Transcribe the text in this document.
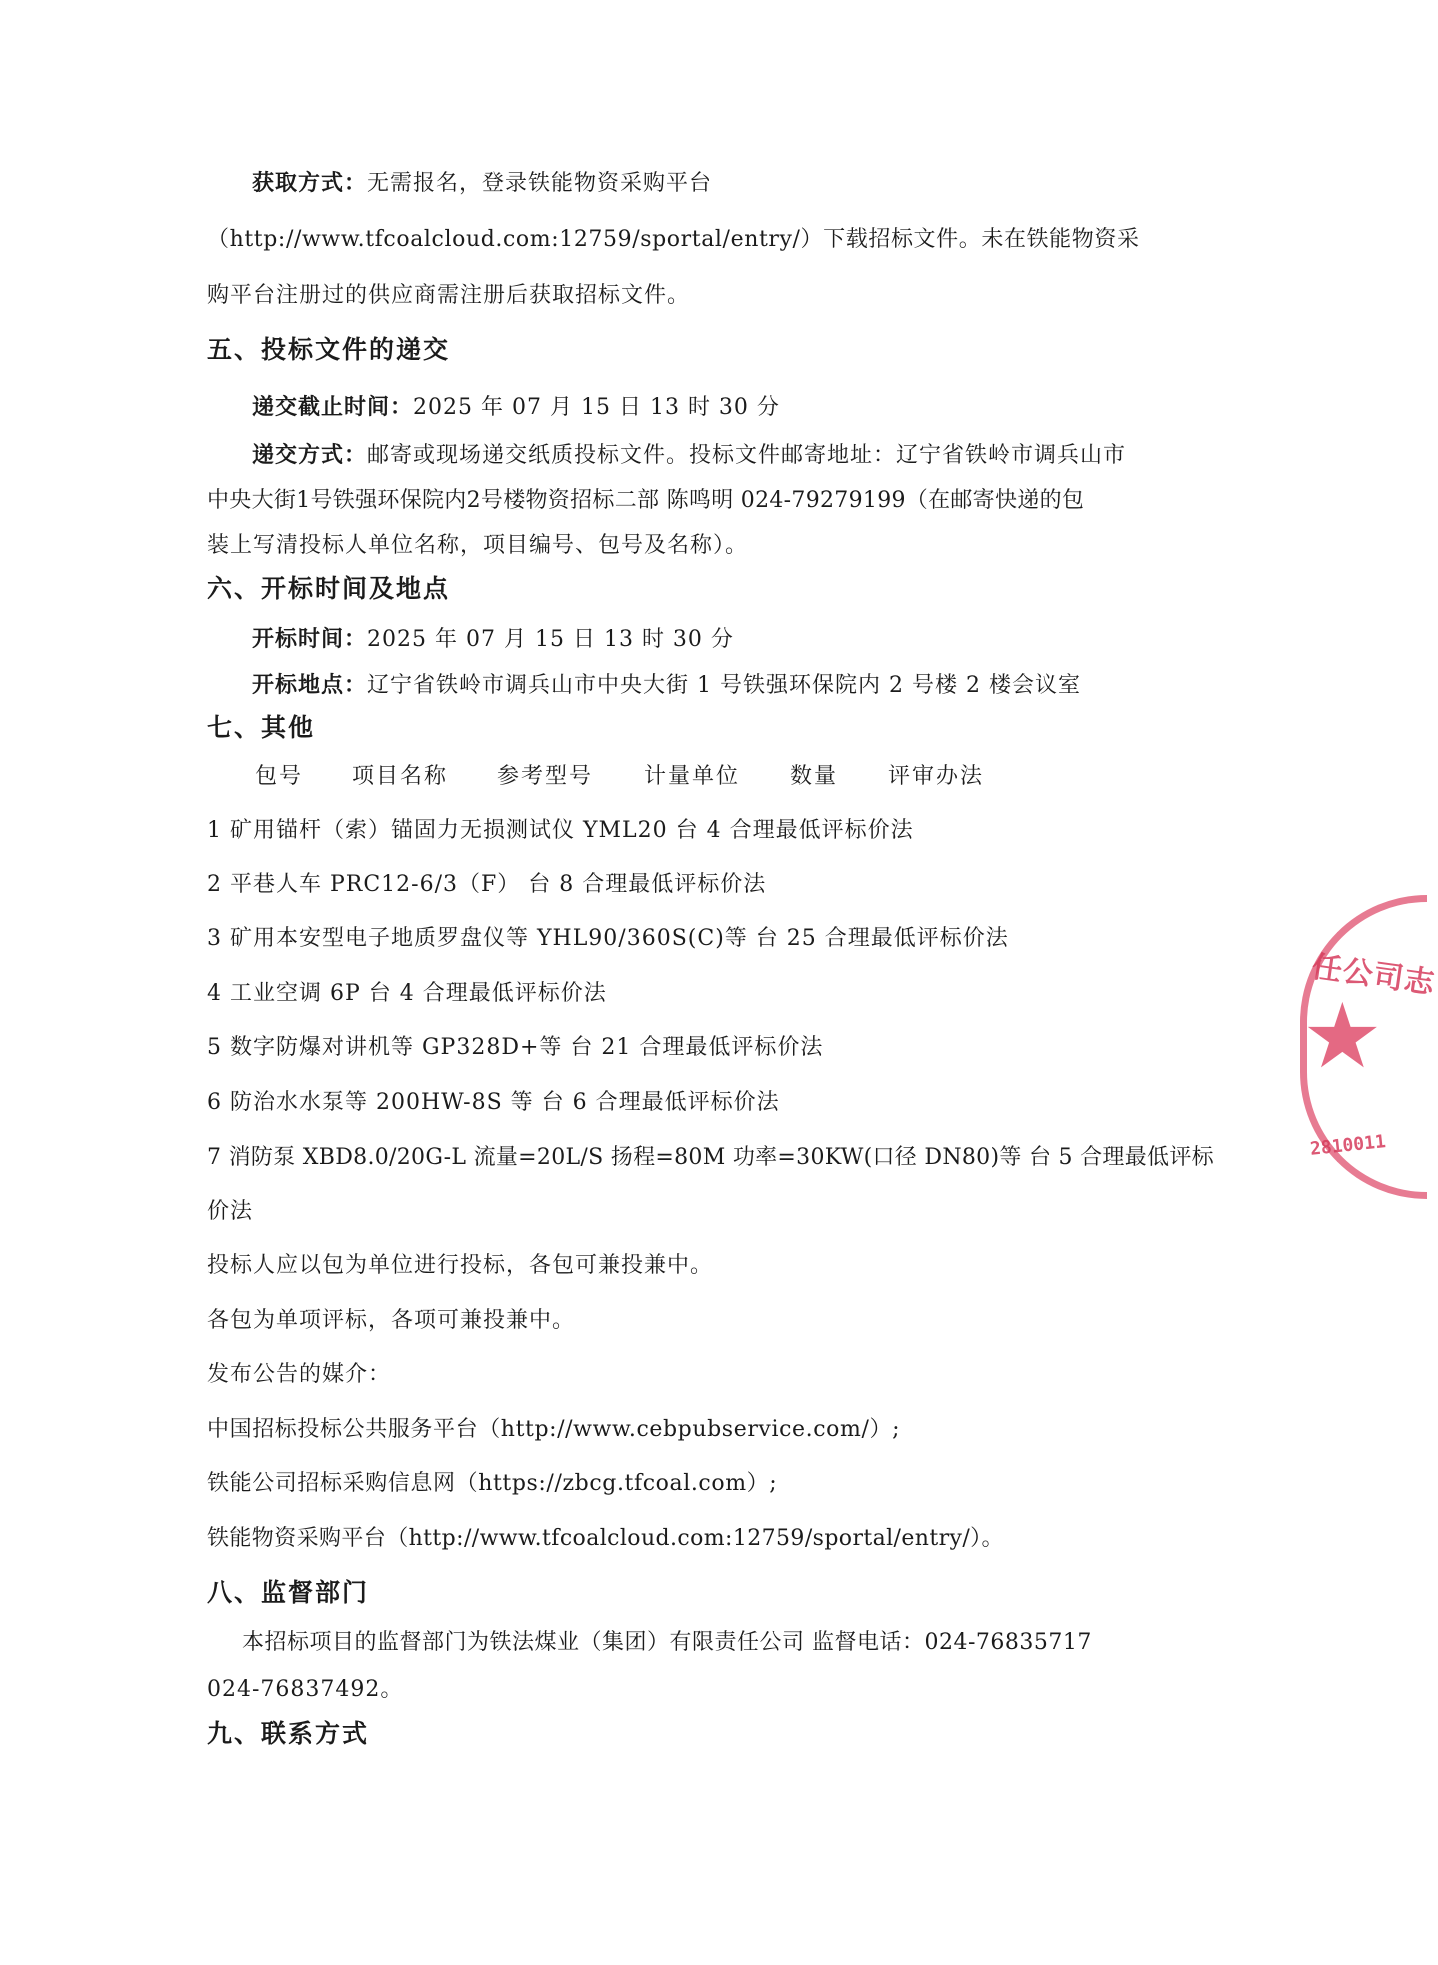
获取方式：无需报名，登录铁能物资采购平台
（http://www.tfcoalcloud.com:12759/sportal/entry/）下载招标文件。未在铁能物资采
购平台注册过的供应商需注册后获取招标文件。
五、投标文件的递交
递交截止时间：2025 年 07 月 15 日 13 时 30 分
递交方式：邮寄或现场递交纸质投标文件。投标文件邮寄地址：辽宁省铁岭市调兵山市
中央大街1号铁强环保院内2号楼物资招标二部 陈鸣明 024-79279199（在邮寄快递的包
装上写清投标人单位名称，项目编号、包号及名称）。
六、开标时间及地点
开标时间：2025 年 07 月 15 日 13 时 30 分
开标地点：辽宁省铁岭市调兵山市中央大街 1 号铁强环保院内 2 号楼 2 楼会议室
七、其他
包号 项目名称 参考型号 计量单位 数量 评审办法
1 矿用锚杆（索）锚固力无损测试仪 YML20 台 4 合理最低评标价法
2 平巷人车 PRC12-6/3（F） 台 8 合理最低评标价法
3 矿用本安型电子地质罗盘仪等 YHL90/360S(C)等 台 25 合理最低评标价法
4 工业空调 6P 台 4 合理最低评标价法
5 数字防爆对讲机等 GP328D+等 台 21 合理最低评标价法
6 防治水水泵等 200HW-8S 等 台 6 合理最低评标价法
7 消防泵 XBD8.0/20G-L 流量=20L/S 扬程=80M 功率=30KW(口径 DN80)等 台 5 合理最低评标
价法
投标人应以包为单位进行投标，各包可兼投兼中。
各包为单项评标，各项可兼投兼中。
发布公告的媒介：
中国招标投标公共服务平台（http://www.cebpubservice.com/）;
铁能公司招标采购信息网（https://zbcg.tfcoal.com）;
铁能物资采购平台（http://www.tfcoalcloud.com:12759/sportal/entry/）。
八、监督部门
本招标项目的监督部门为铁法煤业（集团）有限责任公司 监督电话：024-76835717
024-76837492。
九、联系方式
任公司志
★
2810011
